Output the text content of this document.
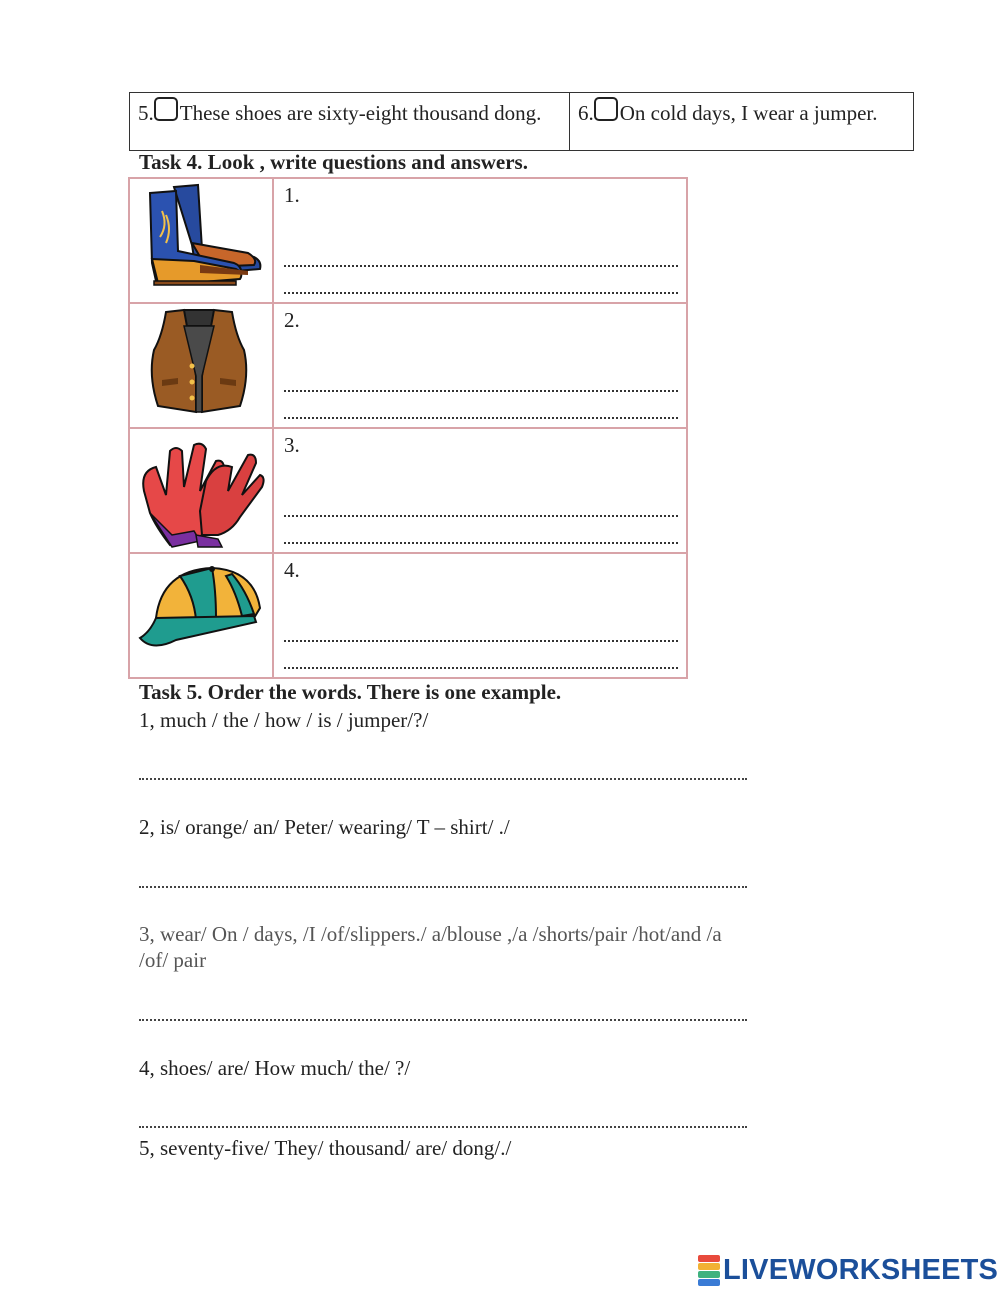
5. These shoes are sixty-eight thousand dong.	6. On cold days, I wear a jumper.
Task 4. Look , write questions and answers.
1.
2.
3.
4.
Task 5. Order the words. There is one example.
1, much / the / how / is / jumper/?/
2, is/ orange/ an/ Peter/ wearing/ T – shirt/ ./
3, wear/ On / days, /I /of/slippers./ a/blouse ,/a /shorts/pair /hot/and /a
/of/ pair
4, shoes/ are/ How much/ the/ ?/
5, seventy-five/ They/ thousand/ are/ dong/./
LIVEWORKSHEETS
